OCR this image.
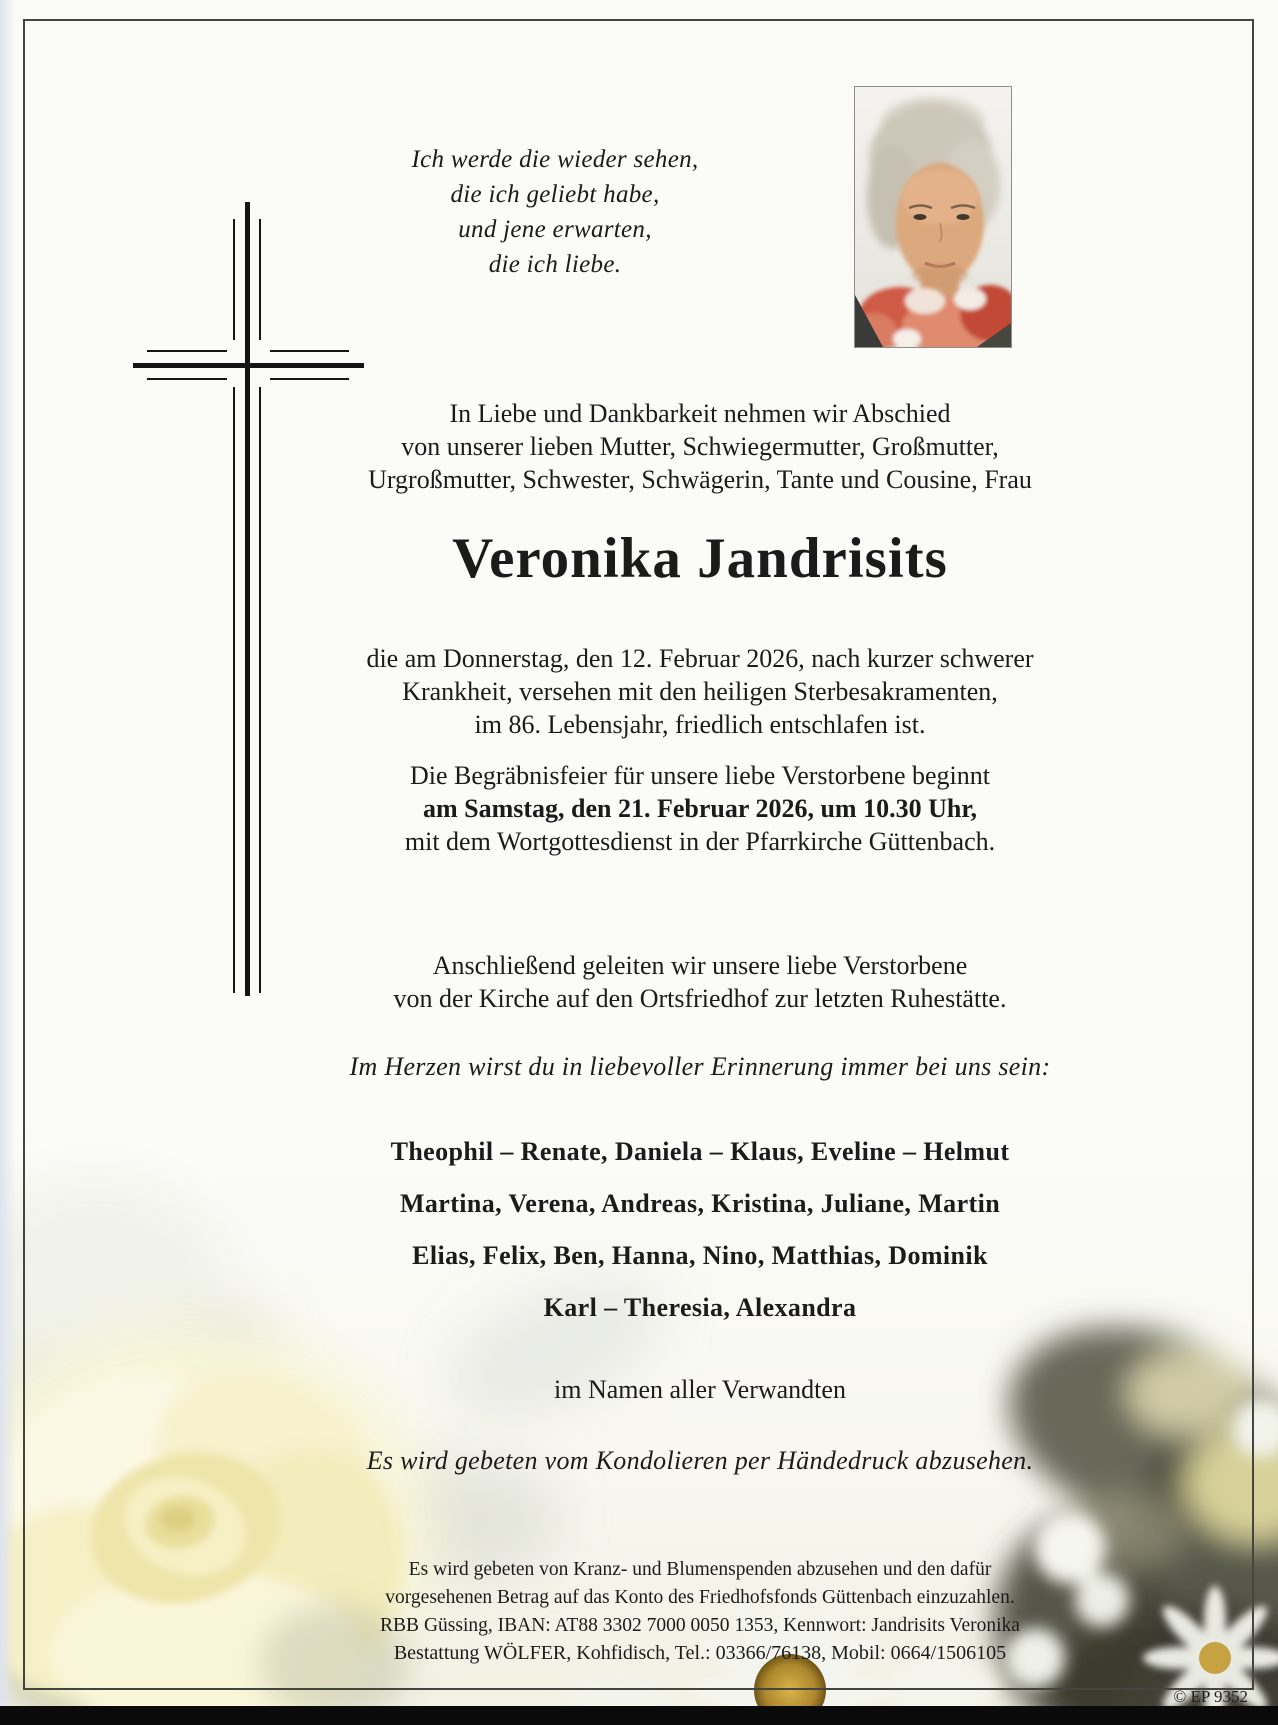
Ich werde die wieder sehen,
die ich geliebt habe,
und jene erwarten,
die ich liebe.
In Liebe und Dankbarkeit nehmen wir Abschied
von unserer lieben Mutter, Schwiegermutter, Großmutter,
Urgroßmutter, Schwester, Schwägerin, Tante und Cousine, Frau
Veronika Jandrisits
die am Donnerstag, den 12. Februar 2026, nach kurzer schwerer
Krankheit, versehen mit den heiligen Sterbesakramenten,
im 86. Lebensjahr, friedlich entschlafen ist.
Die Begräbnisfeier für unsere liebe Verstorbene beginnt
am Samstag, den 21. Februar 2026, um 10.30 Uhr,
mit dem Wortgottesdienst in der Pfarrkirche Güttenbach.
Anschließend geleiten wir unsere liebe Verstorbene
von der Kirche auf den Ortsfriedhof zur letzten Ruhestätte.
Im Herzen wirst du in liebevoller Erinnerung immer bei uns sein:
Theophil – Renate, Daniela – Klaus, Eveline – Helmut
Martina, Verena, Andreas, Kristina, Juliane, Martin
Elias, Felix, Ben, Hanna, Nino, Matthias, Dominik
Karl – Theresia, Alexandra
im Namen aller Verwandten
Es wird gebeten vom Kondolieren per Händedruck abzusehen.
Es wird gebeten von Kranz- und Blumenspenden abzusehen und den dafür
vorgesehenen Betrag auf das Konto des Friedhofsfonds Güttenbach einzuzahlen.
RBB Güssing, IBAN: AT88 3302 7000 0050 1353, Kennwort: Jandrisits Veronika
Bestattung WÖLFER, Kohfidisch, Tel.: 03366/76138, Mobil: 0664/1506105
© EP 9352
